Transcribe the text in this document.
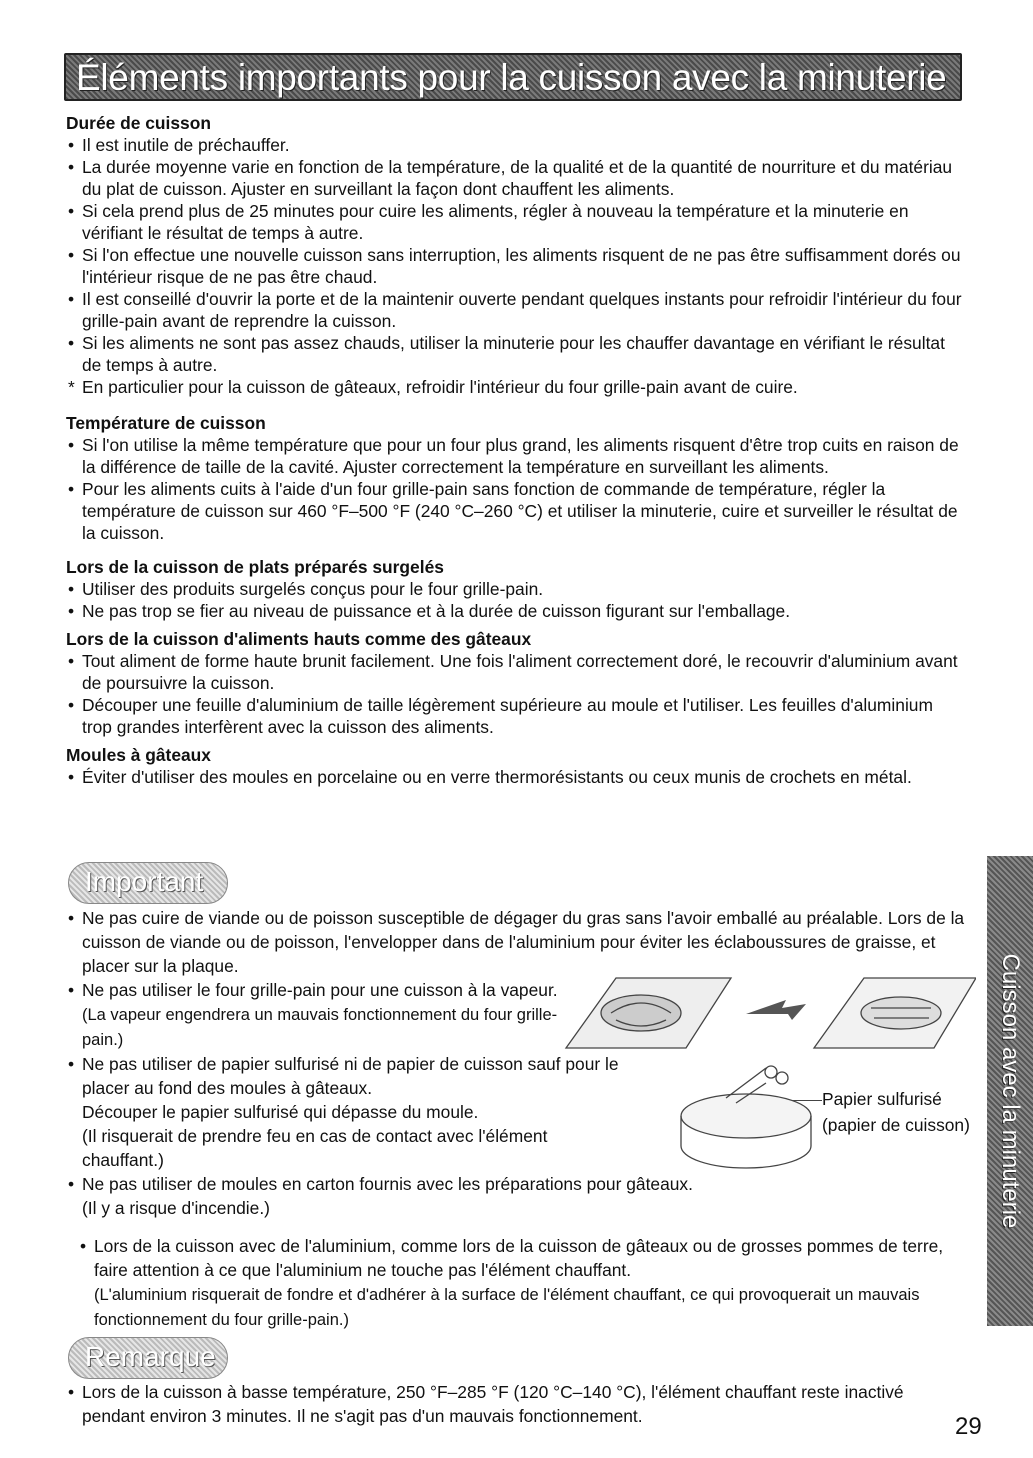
Éléments importants pour la cuisson avec la minuterie
Durée de cuisson
• Il est inutile de préchauffer.
• La durée moyenne varie en fonction de la température, de la qualité et de la quantité de nourriture et du matériau du plat de cuisson. Ajuster en surveillant la façon dont chauffent les aliments.
• Si cela prend plus de 25 minutes pour cuire les aliments, régler à nouveau la température et la minuterie en vérifiant le résultat de temps à autre.
• Si l'on effectue une nouvelle cuisson sans interruption, les aliments risquent de ne pas être suffisamment dorés ou l'intérieur risque de ne pas être chaud.
• Il est conseillé d'ouvrir la porte et de la maintenir ouverte pendant quelques instants pour refroidir l'intérieur du four grille-pain avant de reprendre la cuisson.
• Si les aliments ne sont pas assez chauds, utiliser la minuterie pour les chauffer davantage en vérifiant le résultat de temps à autre.
* En particulier pour la cuisson de gâteaux, refroidir l'intérieur du four grille-pain avant de cuire.
Température de cuisson
• Si l'on utilise la même température que pour un four plus grand, les aliments risquent d'être trop cuits en raison de la différence de taille de la cavité. Ajuster correctement la température en surveillant les aliments.
• Pour les aliments cuits à l'aide d'un four grille-pain sans fonction de commande de température, régler la température de cuisson sur 460 °F–500 °F (240 °C–260 °C) et utiliser la minuterie, cuire et surveiller le résultat de la cuisson.
Lors de la cuisson de plats préparés surgelés
• Utiliser des produits surgelés conçus pour le four grille-pain.
• Ne pas trop se fier au niveau de puissance et à la durée de cuisson figurant sur l'emballage.
Lors de la cuisson d'aliments hauts comme des gâteaux
• Tout aliment de forme haute brunit facilement. Une fois l'aliment correctement doré, le recouvrir d'aluminium avant de poursuivre la cuisson.
• Découper une feuille d'aluminium de taille légèrement supérieure au moule et l'utiliser. Les feuilles d'aluminium trop grandes interfèrent avec la cuisson des aliments.
Moules à gâteaux
• Éviter d'utiliser des moules en porcelaine ou en verre thermorésistants ou ceux munis de crochets en métal.
Important
• Ne pas cuire de viande ou de poisson susceptible de dégager du gras sans l'avoir emballé au préalable. Lors de la cuisson de viande ou de poisson, l'envelopper dans de l'aluminium pour éviter les éclaboussures de graisse, et placer sur la plaque.
• Ne pas utiliser le four grille-pain pour une cuisson à la vapeur.
(La vapeur engendrera un mauvais fonctionnement du four grille-pain.)
• Ne pas utiliser de papier sulfurisé ni de papier de cuisson sauf pour le placer au fond des moules à gâteaux.
Découper le papier sulfurisé qui dépasse du moule.
(Il risquerait de prendre feu en cas de contact avec l'élément chauffant.)
• Ne pas utiliser de moules en carton fournis avec les préparations pour gâteaux.
(Il y a risque d'incendie.)
• Lors de la cuisson avec de l'aluminium, comme lors de la cuisson de gâteaux ou de grosses pommes de terre, faire attention à ce que l'aluminium ne touche pas l'élément chauffant.
(L'aluminium risquerait de fondre et d'adhérer à la surface de l'élément chauffant, ce qui provoquerait un mauvais fonctionnement du four grille-pain.)
Papier sulfurisé
(papier de cuisson)
Remarque
• Lors de la cuisson à basse température, 250 °F–285 °F (120 °C–140 °C), l'élément chauffant reste inactivé pendant environ 3 minutes. Il ne s'agit pas d'un mauvais fonctionnement.
Cuisson avec la minuterie
29
